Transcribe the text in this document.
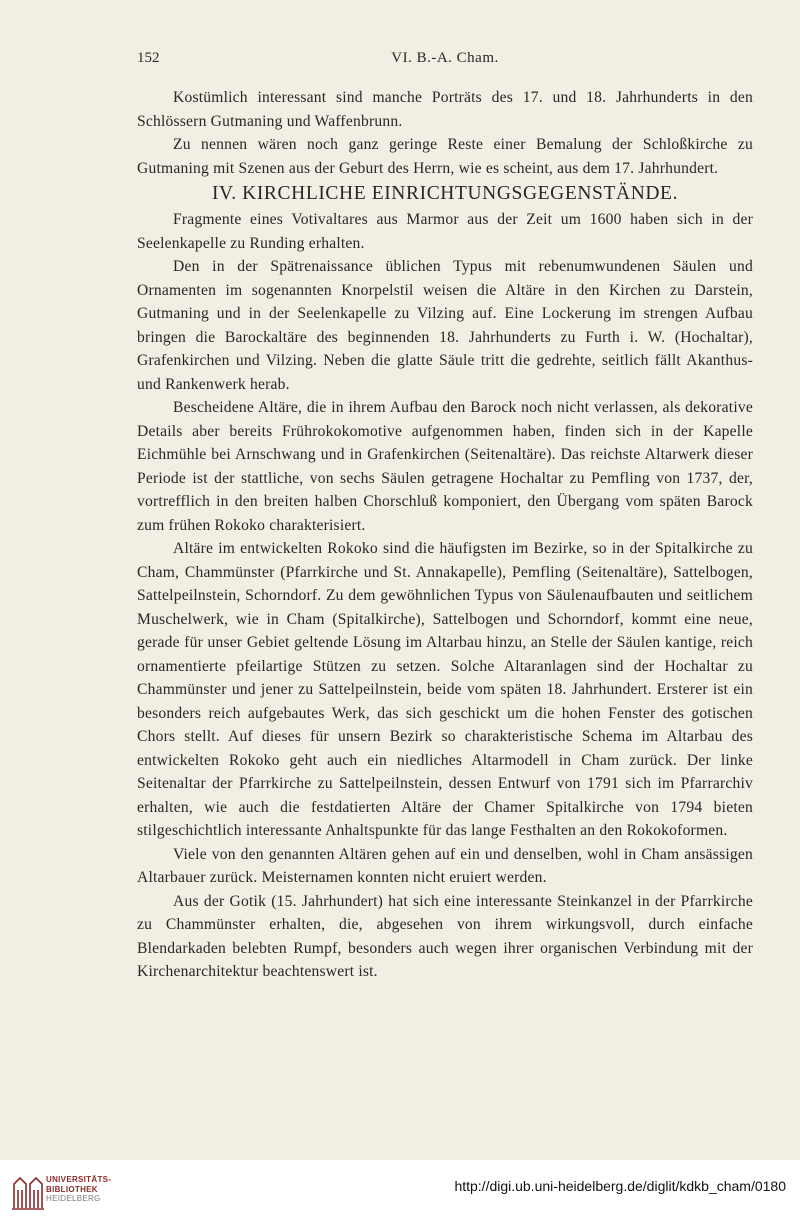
152	VI. B.-A. Cham.

Kostümlich interessant sind manche Porträts des 17. und 18. Jahrhunderts in den Schlössern Gutmaning und Waffenbrunn.

Zu nennen wären noch ganz geringe Reste einer Bemalung der Schloßkirche zu Gutmaning mit Szenen aus der Geburt des Herrn, wie es scheint, aus dem 17. Jahrhundert.

IV. KIRCHLICHE EINRICHTUNGSGEGENSTÄNDE.

Fragmente eines Votivaltares aus Marmor aus der Zeit um 1600 haben sich in der Seelenkapelle zu Runding erhalten.

Den in der Spätrenaissance üblichen Typus mit rebenumwundenen Säulen und Ornamenten im sogenannten Knorpelstil weisen die Altäre in den Kirchen zu Darstein, Gutmaning und in der Seelenkapelle zu Vilzing auf. Eine Lockerung im strengen Aufbau bringen die Barockaltäre des beginnenden 18. Jahrhunderts zu Furth i. W. (Hochaltar), Grafenkirchen und Vilzing. Neben die glatte Säule tritt die gedrehte, seitlich fällt Akanthus- und Rankenwerk herab.

Bescheidene Altäre, die in ihrem Aufbau den Barock noch nicht verlassen, als dekorative Details aber bereits Frührokokomotive aufgenommen haben, finden sich in der Kapelle Eichmühle bei Arnschwang und in Grafenkirchen (Seitenaltäre). Das reichste Altarwerk dieser Periode ist der stattliche, von sechs Säulen getragene Hochaltar zu Pemfling von 1737, der, vortrefflich in den breiten halben Chorschluß komponiert, den Übergang vom späten Barock zum frühen Rokoko charakterisiert.

Altäre im entwickelten Rokoko sind die häufigsten im Bezirke, so in der Spitalkirche zu Cham, Chammünster (Pfarrkirche und St. Annakapelle), Pemfling (Seitenaltäre), Sattelbogen, Sattelpeilnstein, Schorndorf. Zu dem gewöhnlichen Typus von Säulenaufbauten und seitlichem Muschelwerk, wie in Cham (Spitalkirche), Sattelbogen und Schorndorf, kommt eine neue, gerade für unser Gebiet geltende Lösung im Altarbau hinzu, an Stelle der Säulen kantige, reich ornamentierte pfeilartige Stützen zu setzen. Solche Altaranlagen sind der Hochaltar zu Chammünster und jener zu Sattelpeilnstein, beide vom späten 18. Jahrhundert. Ersterer ist ein besonders reich aufgebautes Werk, das sich geschickt um die hohen Fenster des gotischen Chors stellt. Auf dieses für unsern Bezirk so charakteristische Schema im Altarbau des entwickelten Rokoko geht auch ein niedliches Altarmodell in Cham zurück. Der linke Seitenaltar der Pfarrkirche zu Sattelpeilnstein, dessen Entwurf von 1791 sich im Pfarrarchiv erhalten, wie auch die festdatierten Altäre der Chamer Spitalkirche von 1794 bieten stilgeschichtlich interessante Anhaltspunkte für das lange Festhalten an den Rokokoformen.

Viele von den genannten Altären gehen auf ein und denselben, wohl in Cham ansässigen Altarbauer zurück. Meisternamen konnten nicht eruiert werden.

Aus der Gotik (15. Jahrhundert) hat sich eine interessante Steinkanzel in der Pfarrkirche zu Chammünster erhalten, die, abgesehen von ihrem wirkungsvoll, durch einfache Blendarkaden belebten Rumpf, besonders auch wegen ihrer organischen Verbindung mit der Kirchenarchitektur beachtenswert ist.

UNIVERSITÄTS-
BIBLIOTHEK
HEIDELBERG
http://digi.ub.uni-heidelberg.de/diglit/kdkb_cham/0180
